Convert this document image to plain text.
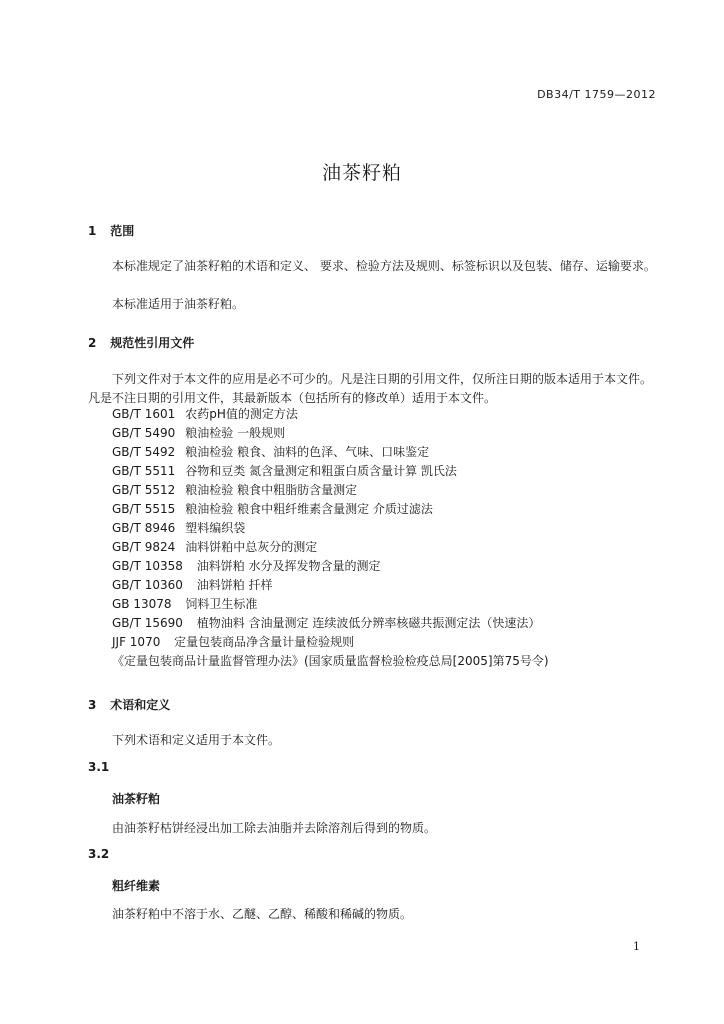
DB34/T 1759—2012
油茶籽粕
1 范围
本标准规定了油茶籽粕的术语和定义、 要求、检验方法及规则、标签标识以及包装、储存、运输要求。
本标准适用于油茶籽粕。
2 规范性引用文件
下列文件对于本文件的应用是必不可少的。凡是注日期的引用文件，仅所注日期的版本适用于本文件。凡是不注日期的引用文件，其最新版本（包括所有的修改单）适用于本文件。
GB/T 1601 农药pH值的测定方法
GB/T 5490 粮油检验 一般规则
GB/T 5492 粮油检验 粮食、油料的色泽、气味、口味鉴定
GB/T 5511 谷物和豆类 氮含量测定和粗蛋白质含量计算 凯氏法
GB/T 5512 粮油检验 粮食中粗脂肪含量测定
GB/T 5515 粮油检验 粮食中粗纤维素含量测定 介质过滤法
GB/T 8946 塑料编织袋
GB/T 9824 油料饼粕中总灰分的测定
GB/T 10358 油料饼粕 水分及挥发物含量的测定
GB/T 10360 油料饼粕 扦样
GB 13078 饲料卫生标准
GB/T 15690 植物油料 含油量测定 连续波低分辨率核磁共振测定法（快速法）
JJF 1070 定量包装商品净含量计量检验规则
《定量包装商品计量监督管理办法》(国家质量监督检验检疫总局[2005]第75号令)
3 术语和定义
下列术语和定义适用于本文件。
3.1
油茶籽粕
由油茶籽枯饼经浸出加工除去油脂并去除溶剂后得到的物质。
3.2
粗纤维素
油茶籽粕中不溶于水、乙醚、乙醇、稀酸和稀碱的物质。
1
